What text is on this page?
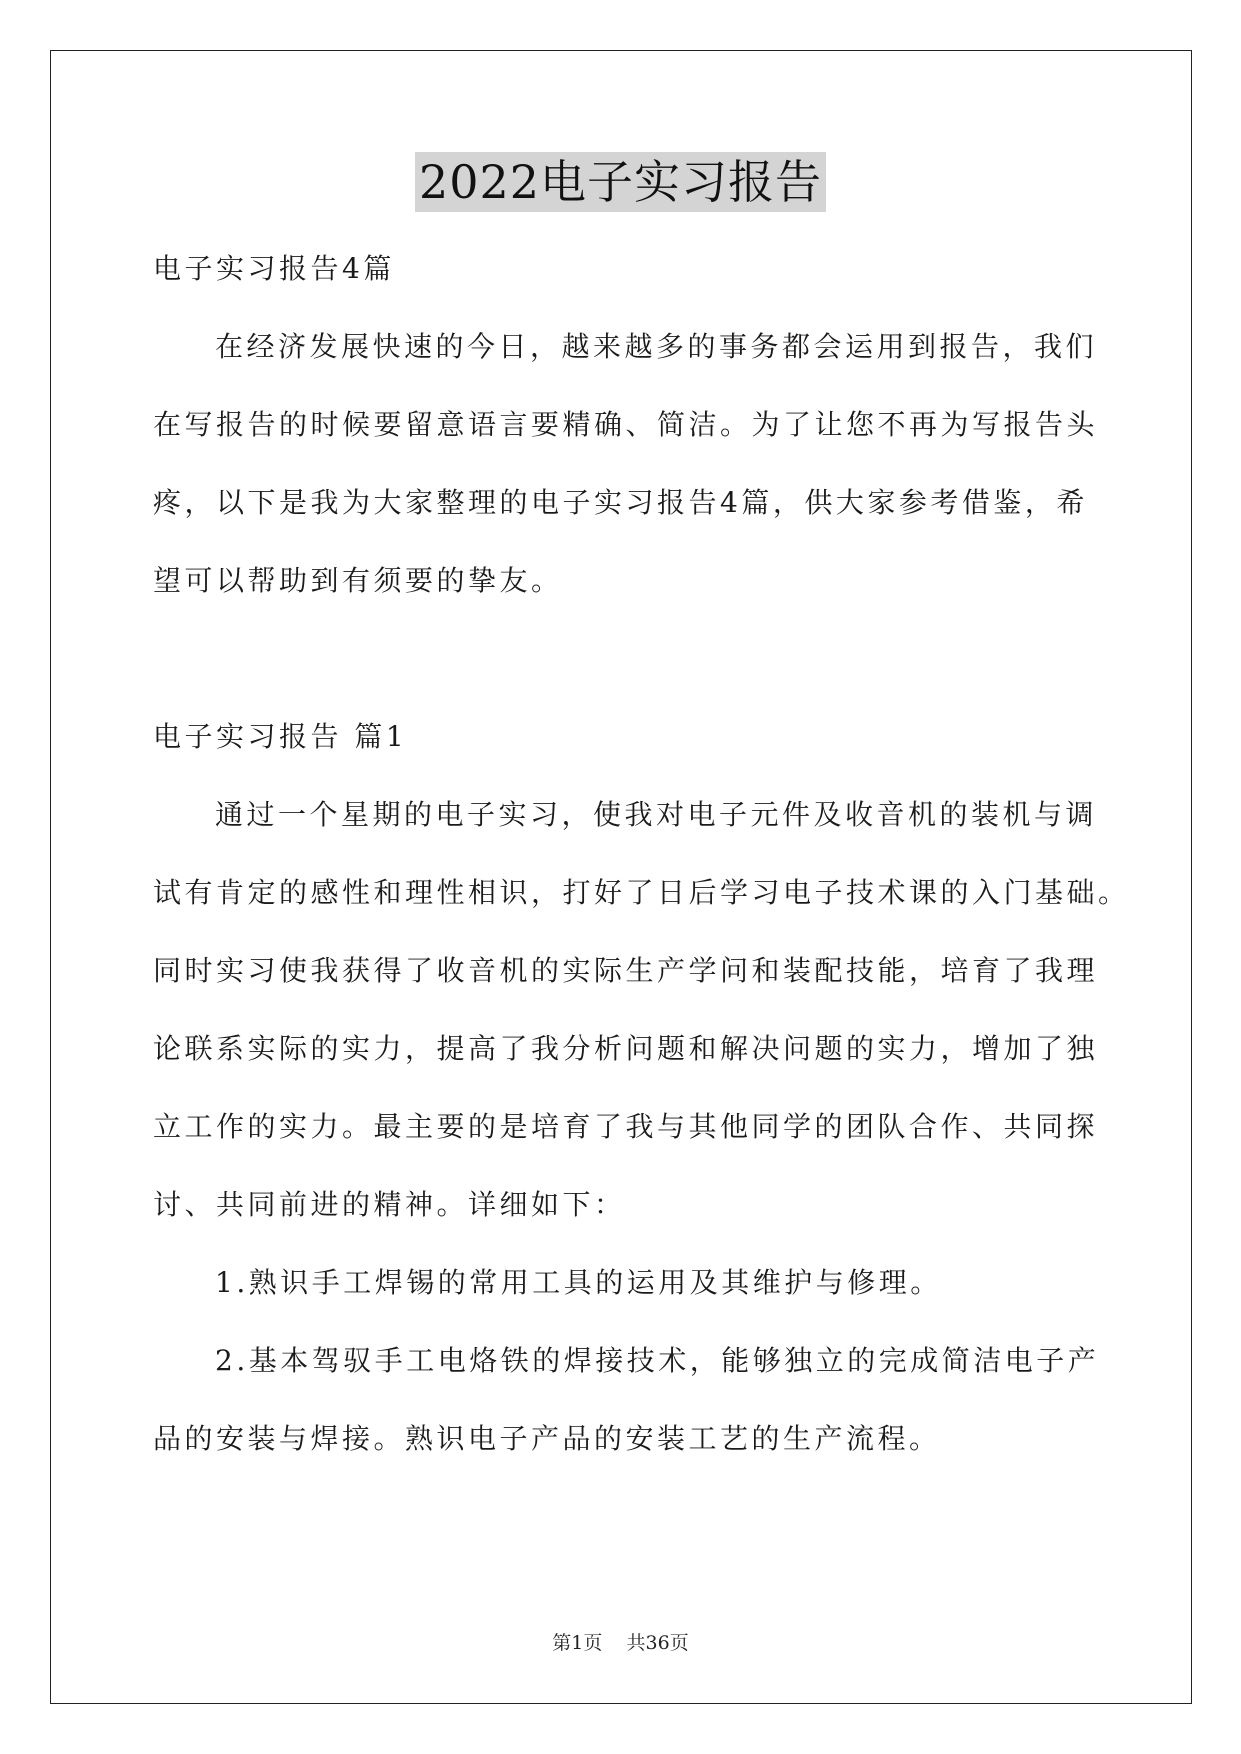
2022电子实习报告

电子实习报告4篇

在经济发展快速的今日，越来越多的事务都会运用到报告，我们

在写报告的时候要留意语言要精确、简洁。为了让您不再为写报告头

疼，以下是我为大家整理的电子实习报告4篇，供大家参考借鉴，希

望可以帮助到有须要的挚友。

电子实习报告 篇1

通过一个星期的电子实习，使我对电子元件及收音机的装机与调

试有肯定的感性和理性相识，打好了日后学习电子技术课的入门基础。

同时实习使我获得了收音机的实际生产学问和装配技能，培育了我理

论联系实际的实力，提高了我分析问题和解决问题的实力，增加了独

立工作的实力。最主要的是培育了我与其他同学的团队合作、共同探

讨、共同前进的精神。详细如下：

1.熟识手工焊锡的常用工具的运用及其维护与修理。

2.基本驾驭手工电烙铁的焊接技术，能够独立的完成简洁电子产

品的安装与焊接。熟识电子产品的安装工艺的生产流程。

第1页 共36页
